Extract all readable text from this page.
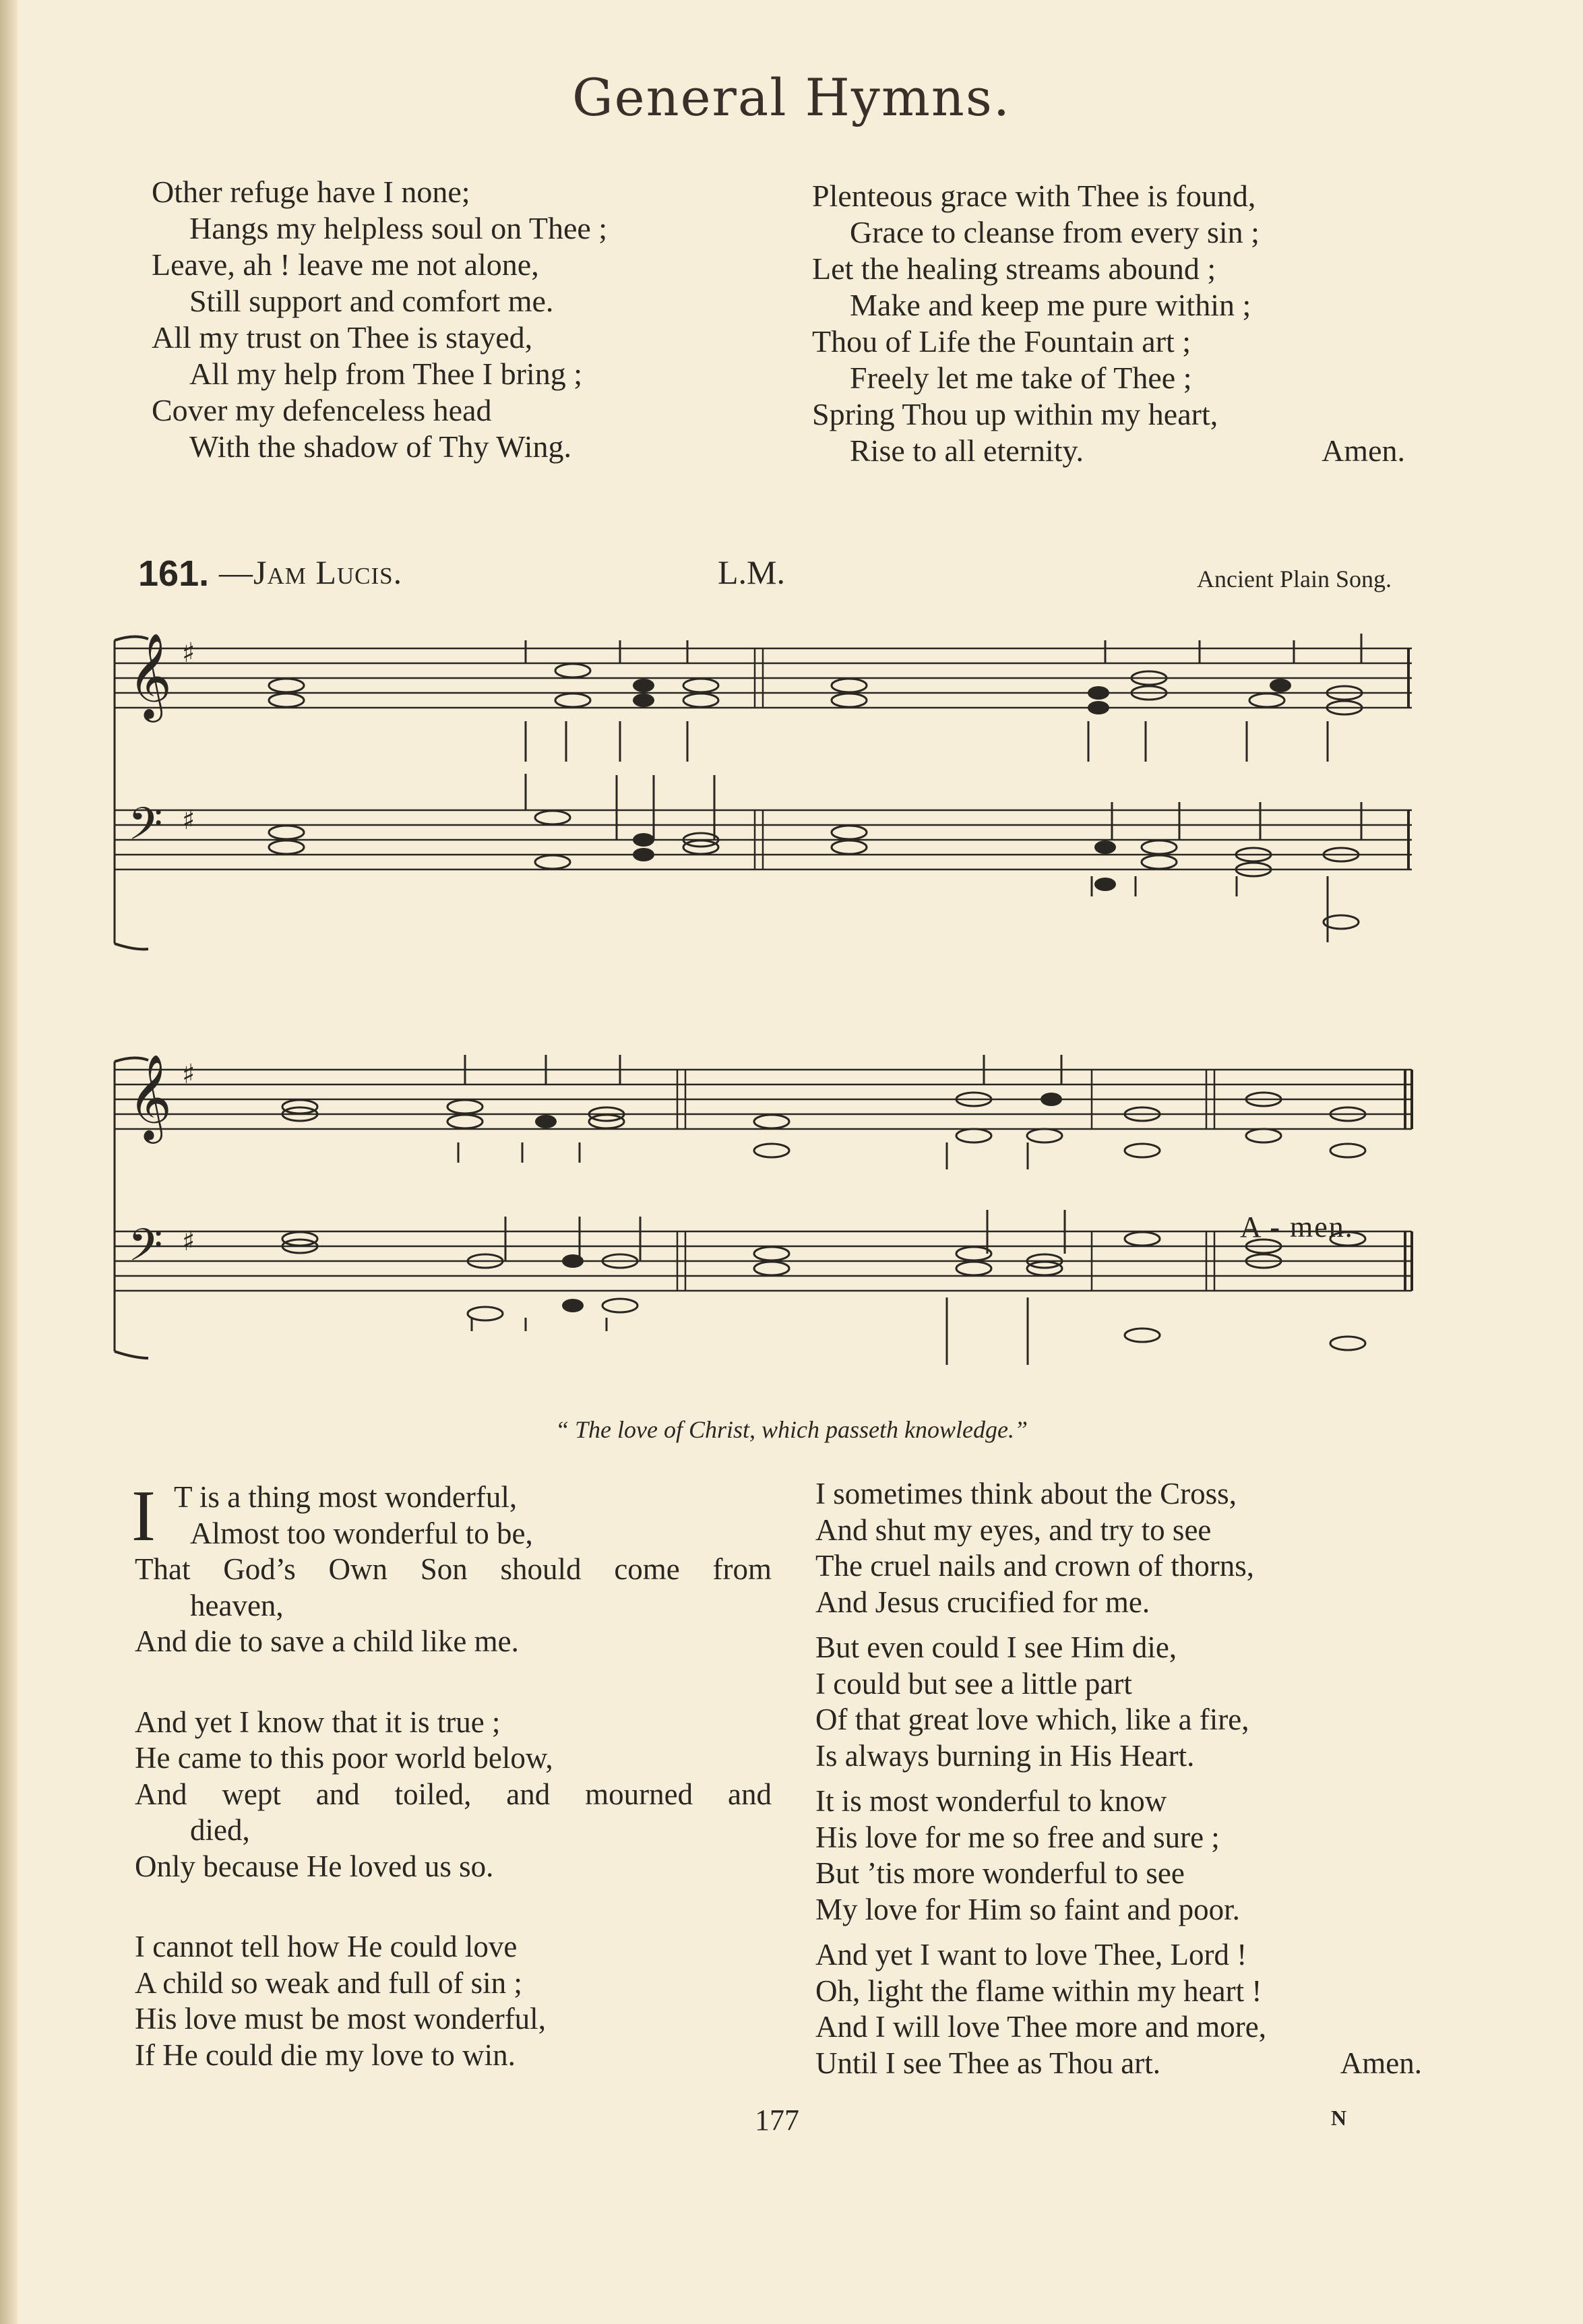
General Hymns.
Other refuge have I none;
Hangs my helpless soul on Thee ;
Leave, ah ! leave me not alone,
Still support and comfort me.
All my trust on Thee is stayed,
All my help from Thee I bring ;
Cover my defenceless head
With the shadow of Thy Wing.
Plenteous grace with Thee is found,
Grace to cleanse from every sin ;
Let the healing streams abound ;
Make and keep me pure within ;
Thou of Life the Fountain art ;
Freely let me take of Thee ;
Spring Thou up within my heart,
Rise to all eternity.	Amen.
161. —Jam Lucis.	L.M.	Ancient Plain Song.
𝄞
𝄢
♯
♯
𝄞
𝄢
♯
♯	A - men.
“ The love of Christ, which passeth knowledge.”
I T is a thing most wonderful,
Almost too wonderful to be,
That God’s Own Son should come from
heaven,
And die to save a child like me.
And yet I know that it is true ;
He came to this poor world below,
And wept and toiled, and mourned and
died,
Only because He loved us so.
I cannot tell how He could love
A child so weak and full of sin ;
His love must be most wonderful,
If He could die my love to win.
I sometimes think about the Cross,
And shut my eyes, and try to see
The cruel nails and crown of thorns,
And Jesus crucified for me.
But even could I see Him die,
I could but see a little part
Of that great love which, like a fire,
Is always burning in His Heart.
It is most wonderful to know
His love for me so free and sure ;
But ’tis more wonderful to see
My love for Him so faint and poor.
And yet I want to love Thee, Lord !
Oh, light the flame within my heart !
And I will love Thee more and more,
Until I see Thee as Thou art.	Amen.
177	N
